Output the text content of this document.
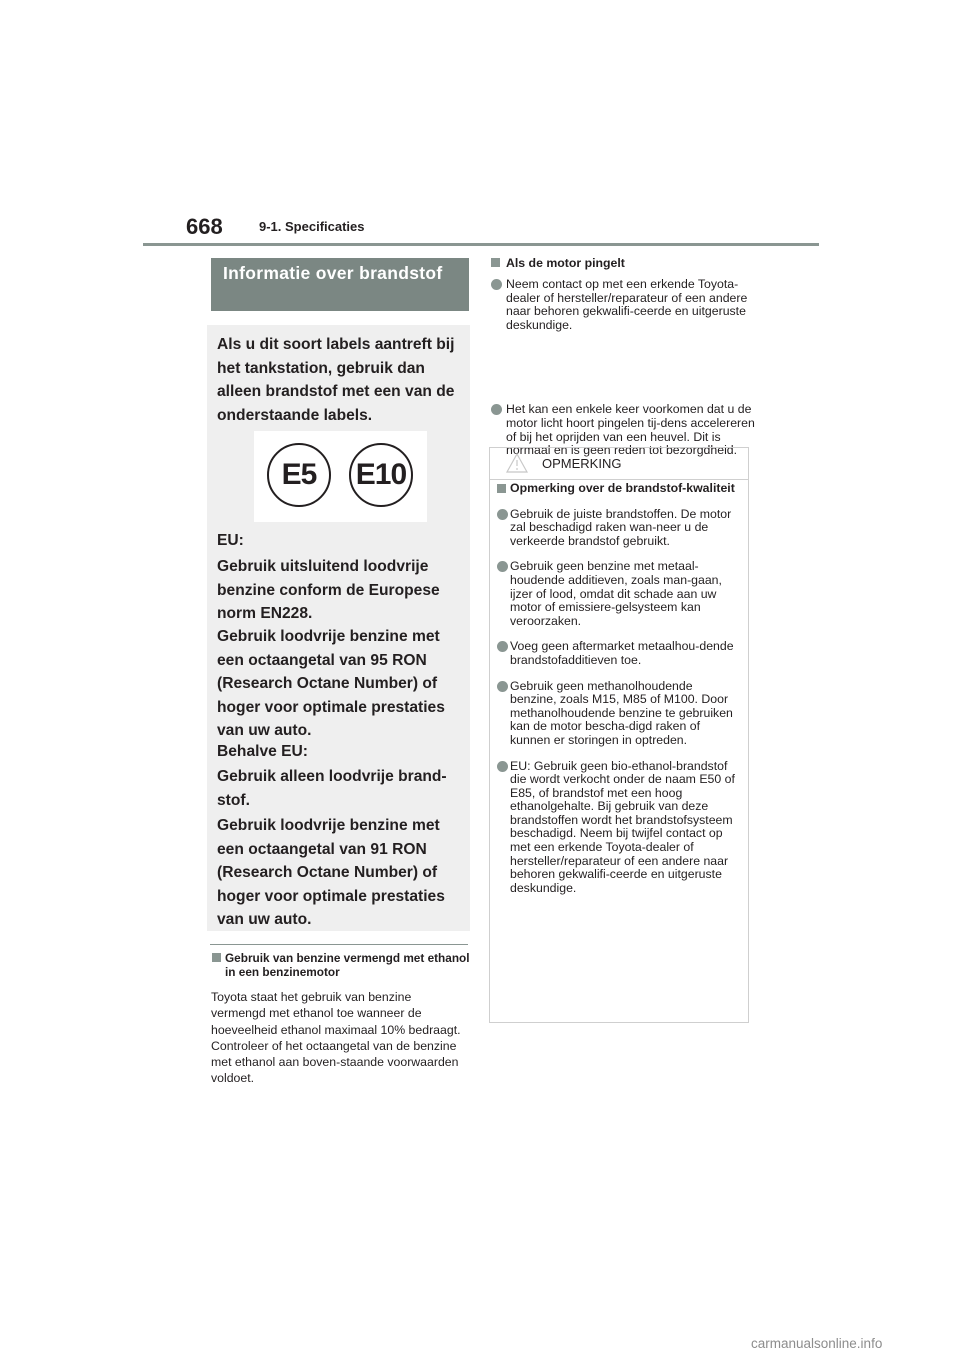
668	9-1. Specificaties
Informatie over brandstof
Als u dit soort labels aantreft bij het tankstation, gebruik dan alleen brandstof met een van de onderstaande labels.
E5	E10
EU:
Gebruik uitsluitend loodvrije benzine conform de Europese norm EN228.
Gebruik loodvrije benzine met een octaangetal van 95 RON (Research Octane Number) of hoger voor optimale prestaties van uw auto.
Behalve EU:
Gebruik alleen loodvrije brand-stof.
Gebruik loodvrije benzine met een octaangetal van 91 RON (Research Octane Number) of hoger voor optimale prestaties van uw auto.
Gebruik van benzine vermengd met ethanol in een benzinemotor
Toyota staat het gebruik van benzine vermengd met ethanol toe wanneer de hoeveelheid ethanol maximaal 10% bedraagt. Controleer of het octaangetal van de benzine met ethanol aan boven-staande voorwaarden voldoet.
Als de motor pingelt
Neem contact op met een erkende Toyota-dealer of hersteller/reparateur of een andere naar behoren gekwalifi-ceerde en uitgeruste deskundige.
Het kan een enkele keer voorkomen dat u de motor licht hoort pingelen tij-dens accelereren of bij het oprijden van een heuvel. Dit is normaal en is geen reden tot bezorgdheid.
OPMERKING
Opmerking over de brandstof-kwaliteit
Gebruik de juiste brandstoffen. De motor zal beschadigd raken wan-neer u de verkeerde brandstof gebruikt.
Gebruik geen benzine met metaal-houdende additieven, zoals man-gaan, ijzer of lood, omdat dit schade aan uw motor of emissiere-gelsysteem kan veroorzaken.
Voeg geen aftermarket metaalhou-dende brandstofadditieven toe.
Gebruik geen methanolhoudende benzine, zoals M15, M85 of M100. Door methanolhoudende benzine te gebruiken kan de motor bescha-digd raken of kunnen er storingen in optreden.
EU: Gebruik geen bio-ethanol-brandstof die wordt verkocht onder de naam E50 of E85, of brandstof met een hoog ethanolgehalte. Bij gebruik van deze brandstoffen wordt het brandstofsysteem beschadigd. Neem bij twijfel contact op met een erkende Toyota-dealer of hersteller/reparateur of een andere naar behoren gekwalifi-ceerde en uitgeruste deskundige.
carmanualsonline.info
